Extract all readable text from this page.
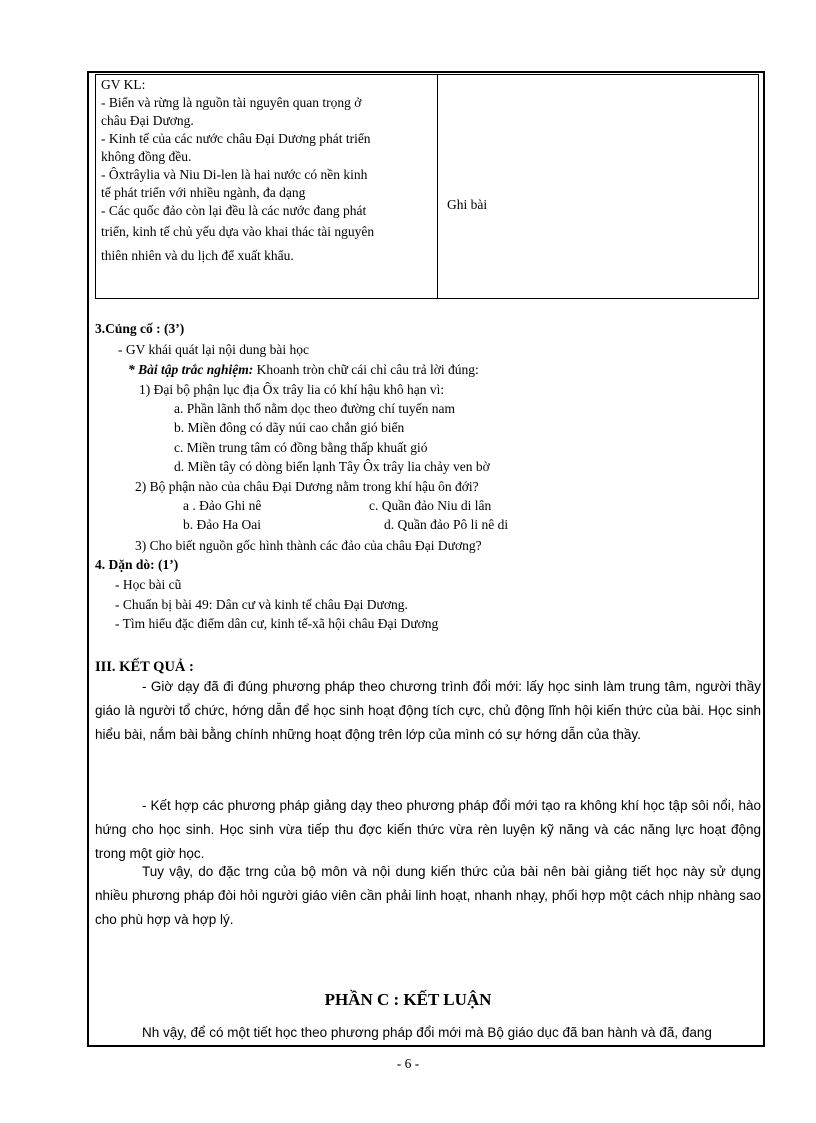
GV KL:
- Biển và rừng là nguồn tài nguyên quan trọng ở
châu Đại Dương.
- Kinh tế của các nước châu Đại Dương phát triển
không đồng đều.
- Ôxtrâylia và Niu Di-len là hai nước có nền kinh
tế phát triển với nhiều ngành, đa dạng
- Các quốc đảo còn lại đều là các nước đang phát
triển, kinh tế chủ yếu dựa vào khai thác tài nguyên
thiên nhiên và du lịch để xuất khẩu.
Ghi bài
3.Củng cố : (3’)
- GV khái quát lại nội dung bài học
* Bài tập trắc nghiệm: Khoanh tròn chữ cái chỉ câu trả lời đúng:
1) Đại bộ phận lục địa Ôx trây lia có khí hậu khô hạn vì:
a. Phần lãnh thổ nằm dọc theo đường chí tuyến nam
b. Miền đông có dãy núi cao chắn gió biển
c. Miền trung tâm có đồng bằng thấp khuất gió
d. Miền tây có dòng biển lạnh Tây Ôx trây lia chảy ven bờ
2) Bộ phận nào của châu Đại Dương nằm trong khí hậu ôn đới?
a . Đảo Ghi nê	c. Quần đảo Niu di lân
b. Đảo Ha Oai	d. Quần đảo Pô li nê di
3) Cho biết nguồn gốc hình thành các đảo của châu Đại Dương?
4. Dặn dò: (1’)
- Học bài cũ
- Chuẩn bị bài 49: Dân cư và kinh tế châu Đại Dương.
- Tìm hiểu đặc điểm dân cư, kinh tế-xã hội châu Đại Dương
III. KẾT QUẢ :
- Giờ dạy đã đi đúng phương pháp theo chương trình đổi mới: lấy học sinh làm trung tâm, người thầy giáo là người tổ chức, hớng dẫn để học sinh hoạt động tích cực, chủ động lĩnh hội kiến thức của bài. Học sinh hiểu bài, nắm bài bằng chính những hoạt động trên lớp của mình có sự hớng dẫn của thầy.
- Kết hợp các phương pháp giảng dạy theo phương pháp đổi mới tạo ra không khí học tập sôi nổi, hào hứng cho học sinh. Học sinh vừa tiếp thu đợc kiến thức vừa rèn luyện kỹ năng và các năng lực hoạt động trong một giờ học.
Tuy vậy, do đặc trng của bộ môn và nội dung kiến thức của bài nên bài giảng tiết học này sử dụng nhiều phương pháp đòi hỏi người giáo viên cần phải linh hoạt, nhanh nhạy, phối hợp một cách nhịp nhàng sao cho phù hợp và hợp lý.
PHẦN C : KẾT LUẬN
Nh vậy, để có một tiết học theo phương pháp đổi mới mà Bộ giáo dục đã ban hành và đã, đang
- 6 -
